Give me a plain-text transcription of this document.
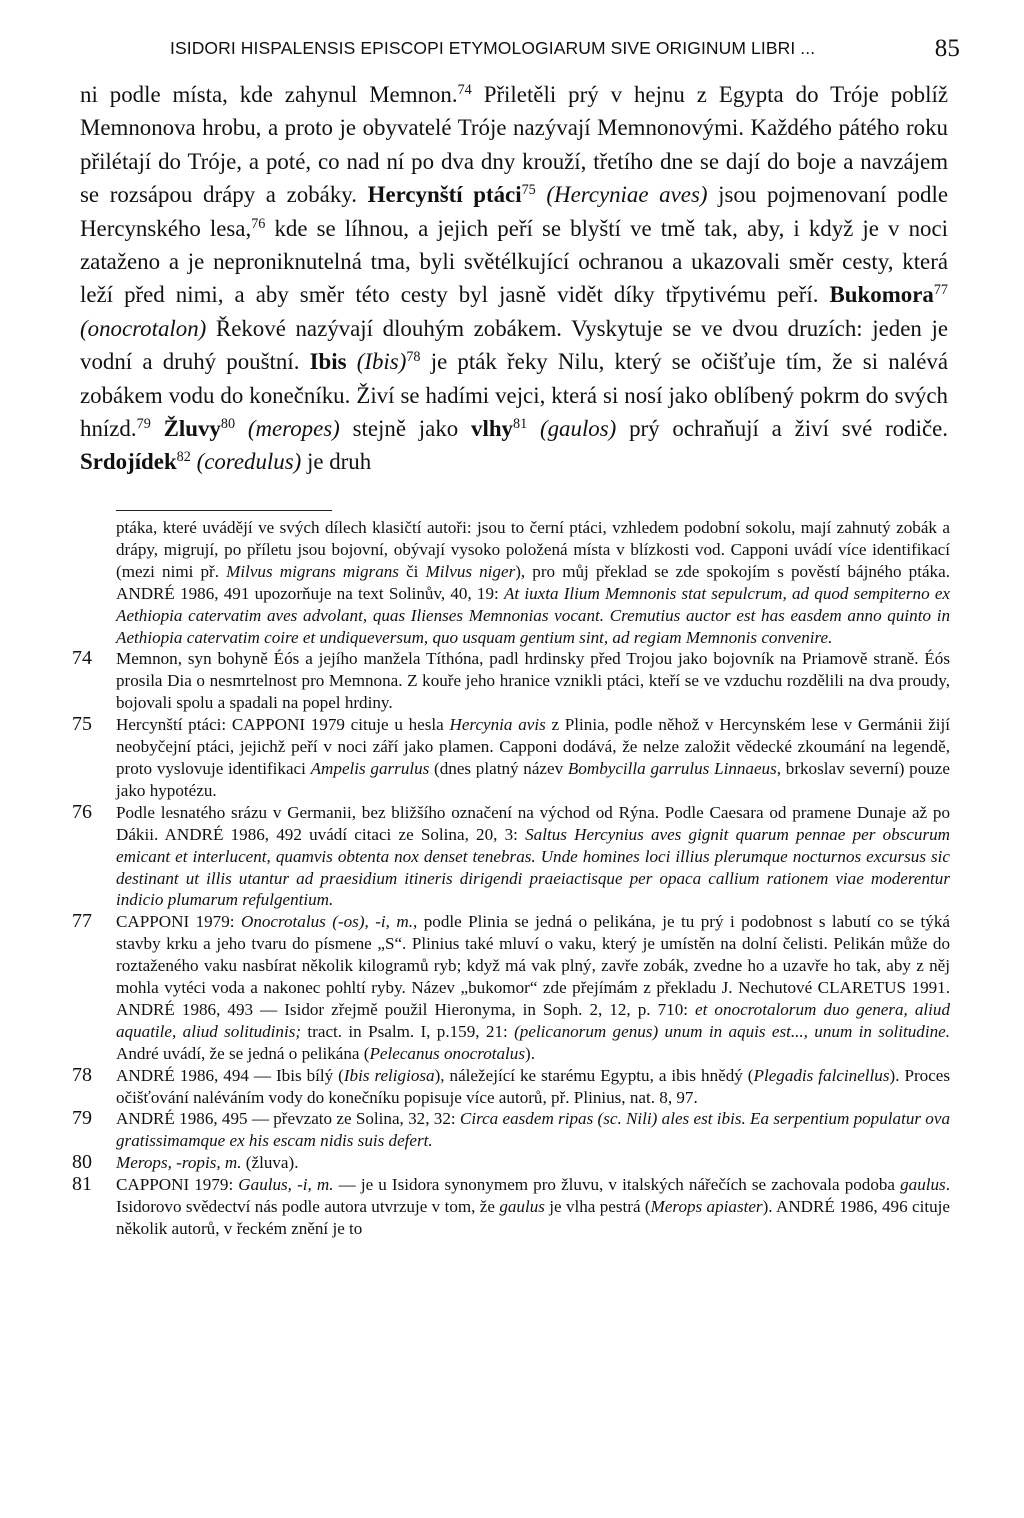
ISIDORI HISPALENSIS EPISCOPI ETYMOLOGIARUM SIVE ORIGINUM LIBRI ...	85

ni podle místa, kde zahynul Memnon.$^{74}$ Přiletěli prý v hejnu z Egypta do Tróje poblíž Memnonova hrobu, a proto je obyvatelé Tróje nazývají Memnonovými. Každého pátého roku přilétají do Tróje, a poté, co nad ní po dva dny krouží, třetího dne se dají do boje a navzájem se rozsápou drápy a zobáky. Hercynští ptáci$^{75}$ (Hercyniae aves) jsou pojmenovaní podle Hercynského lesa,$^{76}$ kde se líhnou, a jejich peří se blyští ve tmě tak, aby, i když je v noci zataženo a je neproniknutelná tma, byli světélkující ochranou a ukazovali směr cesty, která leží před nimi, a aby směr této cesty byl jasně vidět díky třpytivému peří. Bukomora$^{77}$ (onocrotalon) Řekové nazývají dlouhým zobákem. Vyskytuje se ve dvou druzích: jeden je vodní a druhý pouštní. Ibis (Ibis)$^{78}$ je pták řeky Nilu, který se očišťuje tím, že si nalévá zobákem vodu do konečníku. Živí se hadími vejci, která si nosí jako oblíbený pokrm do svých hnízd.$^{79}$ Žluvy$^{80}$ (meropes) stejně jako vlhy$^{81}$ (gaulos) prý ochraňují a živí své rodiče. Srdojídek$^{82}$ (coredulus) je druh

ptáka, které uvádějí ve svých dílech klasičtí autoři: jsou to černí ptáci, vzhledem podobní sokolu, mají zahnutý zobák a drápy, migrují, po příletu jsou bojovní, obývají vysoko položená místa v blízkosti vod. Capponi uvádí více identifikací (mezi nimi př. Milvus migrans migrans či Milvus niger), pro můj překlad se zde spokojím s pověstí bájného ptáka. ANDRÉ 1986, 491 upozorňuje na text Solinův, 40, 19: At iuxta Ilium Memnonis stat sepulcrum, ad quod sempiterno ex Aethiopia catervatim aves advolant, quas Ilienses Memnonias vocant. Cremutius auctor est has easdem anno quinto in Aethiopia catervatim coire et undiqueversum, quo usquam gentium sint, ad regiam Memnonis convenire.

74 Memnon, syn bohyně Éós a jejího manžela Títhóna, padl hrdinsky před Trojou jako bojovník na Priamově straně. Éós prosila Dia o nesmrtelnost pro Memnona. Z kouře jeho hranice vznikli ptáci, kteří se ve vzduchu rozdělili na dva proudy, bojovali spolu a spadali na popel hrdiny.

75 Hercynští ptáci: CAPPONI 1979 cituje u hesla Hercynia avis z Plinia, podle něhož v Hercynském lese v Germánii žijí neobyčejní ptáci, jejichž peří v noci září jako plamen. Capponi dodává, že nelze založit vědecké zkoumání na legendě, proto vyslovuje identifikaci Ampelis garrulus (dnes platný název Bombycilla garrulus Linnaeus, brkoslav severní) pouze jako hypotézu.

76 Podle lesnatého srázu v Germanii, bez bližšího označení na východ od Rýna. Podle Caesara od pramene Dunaje až po Dákii. ANDRÉ 1986, 492 uvádí citaci ze Solina, 20, 3: Saltus Hercynius aves gignit quarum pennae per obscurum emicant et interlucent, quamvis obtenta nox denset tenebras. Unde homines loci illius plerumque nocturnos excursus sic destinant ut illis utantur ad praesidium itineris dirigendi praeiactisque per opaca callium rationem viae moderentur indicio plumarum refulgentium.

77 CAPPONI 1979: Onocrotalus (-os), -i, m., podle Plinia se jedná o pelikána, je tu prý i podobnost s labutí co se týká stavby krku a jeho tvaru do písmene „S“. Plinius také mluví o vaku, který je umístěn na dolní čelisti. Pelikán může do roztaženého vaku nasbírat několik kilogramů ryb; když má vak plný, zavře zobák, zvedne ho a uzavře ho tak, aby z něj mohla vytéci voda a nakonec pohltí ryby. Název „bukomor“ zde přejímám z překladu J. Nechutové CLARETUS 1991. ANDRÉ 1986, 493 — Isidor zřejmě použil Hieronyma, in Soph. 2, 12, p. 710: et onocrotalorum duo genera, aliud aquatile, aliud solitudinis; tract. in Psalm. I, p.159, 21: (pelicanorum genus) unum in aquis est..., unum in solitudine. André uvádí, že se jedná o pelikána (Pelecanus onocrotalus).

78 ANDRÉ 1986, 494 — Ibis bílý (Ibis religiosa), náležející ke starému Egyptu, a ibis hnědý (Plegadis falcinellus). Proces očišťování naléváním vody do konečníku popisuje více autorů, př. Plinius, nat. 8, 97.

79 ANDRÉ 1986, 495 — převzato ze Solina, 32, 32: Circa easdem ripas (sc. Nili) ales est ibis. Ea serpentium populatur ova gratissimamque ex his escam nidis suis defert.

80 Merops, -ropis, m. (žluva).

81 CAPPONI 1979: Gaulus, -i, m. — je u Isidora synonymem pro žluvu, v italských nářečích se zachovala podoba gaulus. Isidorovo svědectví nás podle autora utvrzuje v tom, že gaulus je vlha pestrá (Merops apiaster). ANDRÉ 1986, 496 cituje několik autorů, v řeckém znění je to
